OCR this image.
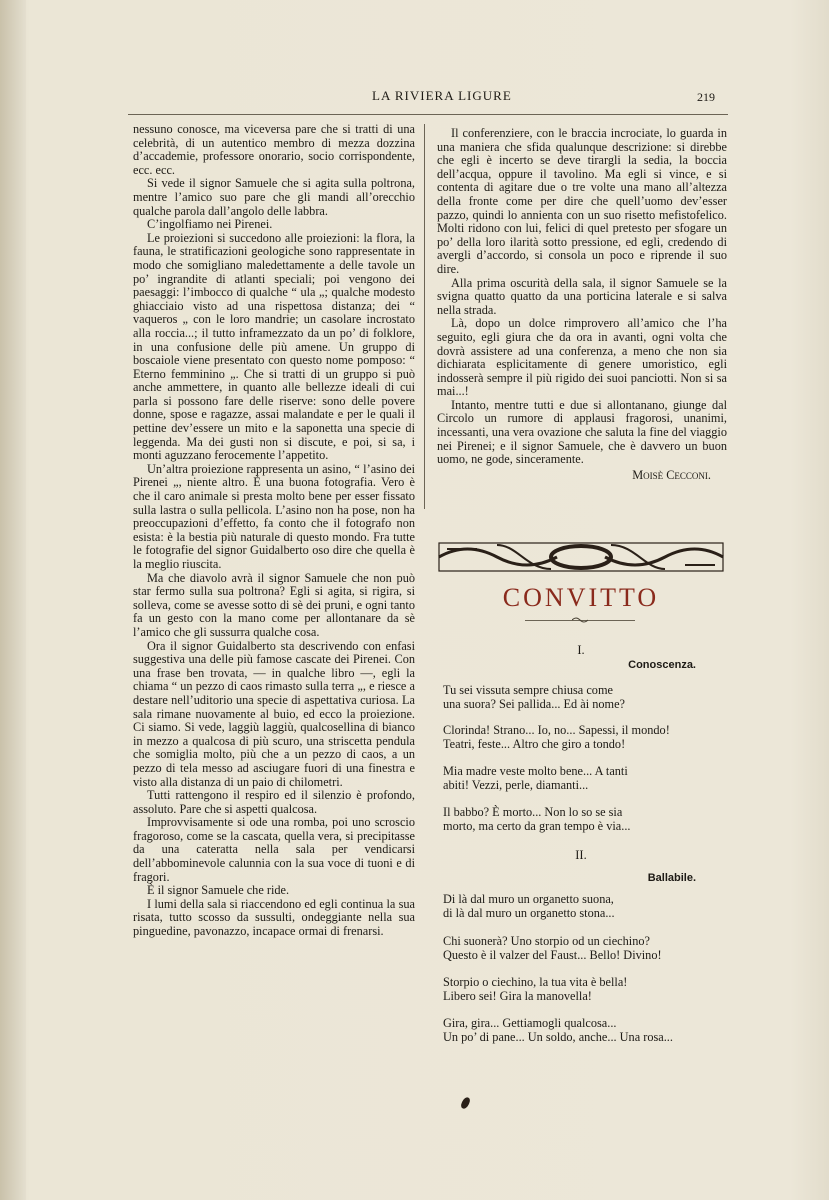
LA RIVIERA LIGURE	219

nessuno conosce, ma viceversa pare che si tratti di una celebrità, di un autentico membro di mezza dozzina d’accademie, professore onorario, socio corrispondente, ecc. ecc.

Si vede il signor Samuele che si agita sulla poltrona, mentre l’amico suo pare che gli mandi all’orecchio qualche parola dall’angolo delle labbra.

C’ingolfiamo nei Pirenei.

Le proiezioni si succedono alle proiezioni: la flora, la fauna, le stratificazioni geologiche sono rappresentate in modo che somigliano maledettamente a delle tavole un po’ ingrandite di atlanti speciali; poi vengono dei paesaggi: l’imbocco di qualche “ ula „; qualche modesto ghiacciaio visto ad una rispettosa distanza; dei “ vaqueros „ con le loro mandrie; un casolare incrostato alla roccia...; il tutto inframezzato da un po’ di folklore, in una confusione delle più amene. Un gruppo di boscaiole viene presentato con questo nome pomposo: “ Eterno femminino „. Che si tratti di un gruppo si può anche ammettere, in quanto alle bellezze ideali di cui parla si possono fare delle riserve: sono delle povere donne, spose e ragazze, assai malandate e per le quali il pettine dev’essere un mito e la saponetta una specie di leggenda. Ma dei gusti non si discute, e poi, si sa, i monti aguzzano ferocemente l’appetito.

Un’altra proiezione rappresenta un asino, “ l’asino dei Pirenei „, niente altro. È una buona fotografia. Vero è che il caro animale si presta molto bene per esser fissato sulla lastra o sulla pellicola. L’asino non ha pose, non ha preoccupazioni d’effetto, fa conto che il fotografo non esista: è la bestia più naturale di questo mondo. Fra tutte le fotografie del signor Guidalberto oso dire che quella è la meglio riuscita.

Ma che diavolo avrà il signor Samuele che non può star fermo sulla sua poltrona? Egli si agita, si rigira, si solleva, come se avesse sotto di sè dei pruni, e ogni tanto fa un gesto con la mano come per allontanare da sè l’amico che gli sussurra qualche cosa.

Ora il signor Guidalberto sta descrivendo con enfasi suggestiva una delle più famose cascate dei Pirenei. Con una frase ben trovata, — in qualche libro —, egli la chiama “ un pezzo di caos rimasto sulla terra „, e riesce a destare nell’uditorio una specie di aspettativa curiosa. La sala rimane nuovamente al buio, ed ecco la proiezione. Ci siamo. Si vede, laggiù laggiù, qualcosellina di bianco in mezzo a qualcosa di più scuro, una striscetta pendula che somiglia molto, più che a un pezzo di caos, a un pezzo di tela messo ad asciugare fuori di una finestra e visto alla distanza di un paio di chilometri.

Tutti rattengono il respiro ed il silenzio è profondo, assoluto. Pare che si aspetti qualcosa.

Improvvisamente si ode una romba, poi uno scroscio fragoroso, come se la cascata, quella vera, si precipitasse da una cateratta nella sala per vendicarsi dell’abbominevole calunnia con la sua voce di tuoni e di fragori.

È il signor Samuele che ride.

I lumi della sala si riaccendono ed egli continua la sua risata, tutto scosso da sussulti, ondeggiante nella sua pinguedine, pavonazzo, incapace ormai di frenarsi.

Il conferenziere, con le braccia incrociate, lo guarda in una maniera che sfida qualunque descrizione: si direbbe che egli è incerto se deve tirargli la sedia, la boccia dell’acqua, oppure il tavolino. Ma egli si vince, e si contenta di agitare due o tre volte una mano all’altezza della fronte come per dire che quell’uomo dev’esser pazzo, quindi lo annienta con un suo risetto mefistofelico. Molti ridono con lui, felici di quel pretesto per sfogare un po’ della loro ilarità sotto pressione, ed egli, credendo di avergli d’accordo, si consola un poco e riprende il suo dire.

Alla prima oscurità della sala, il signor Samuele se la svigna quatto quatto da una porticina laterale e si salva nella strada.

Là, dopo un dolce rimprovero all’amico che l’ha seguito, egli giura che da ora in avanti, ogni volta che dovrà assistere ad una conferenza, a meno che non sia dichiarata esplicitamente di genere umoristico, egli indosserà sempre il più rigido dei suoi panciotti. Non si sa mai...!

Intanto, mentre tutti e due si allontanano, giunge dal Circolo un rumore di applausi fragorosi, unanimi, incessanti, una vera ovazione che saluta la fine del viaggio nei Pirenei; e il signor Samuele, che è davvero un buon uomo, ne gode, sinceramente.

Moisè Cecconi.
CONVITTO
I.
Conoscenza.
Tu sei vissuta sempre chiusa come
una suora? Sei pallida... Ed ài nome?
Clorinda! Strano... Io, no... Sapessi, il mondo!
Teatri, feste... Altro che giro a tondo!
Mia madre veste molto bene... A tanti
abiti! Vezzi, perle, diamanti...
Il babbo? È morto... Non lo so se sia
morto, ma certo da gran tempo è via...
II.
Ballabile.
Di là dal muro un organetto suona,
di là dal muro un organetto stona...
Chi suonerà? Uno storpio od un ciechino?
Questo è il valzer del Faust... Bello! Divino!
Storpio o ciechino, la tua vita è bella!
Libero sei! Gira la manovella!
Gira, gira... Gettiamogli qualcosa...
Un po’ di pane... Un soldo, anche... Una rosa...
